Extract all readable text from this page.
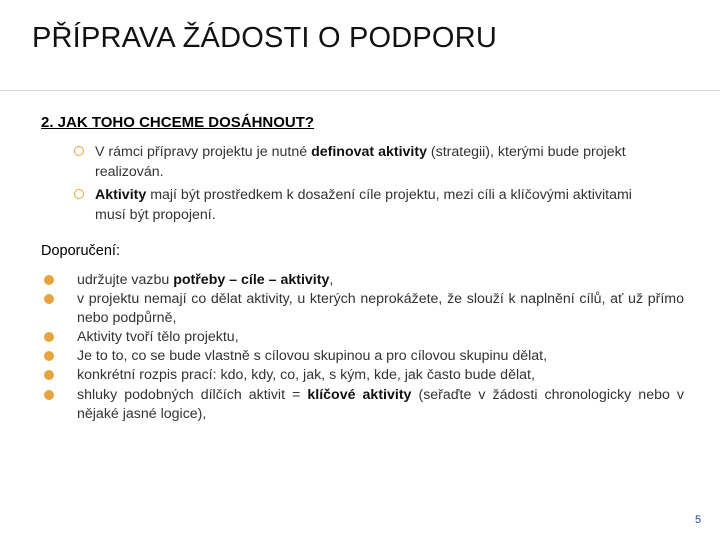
PŘÍPRAVA ŽÁDOSTI O PODPORU
2. JAK TOHO CHCEME DOSÁHNOUT?
V rámci přípravy projektu je nutné definovat aktivity (strategii), kterými bude projekt realizován.
Aktivity mají být prostředkem k dosažení cíle projektu, mezi cíli a klíčovými aktivitami musí být propojení.
Doporučení:
udržujte vazbu potřeby – cíle – aktivity,
v projektu nemají co dělat aktivity, u kterých neprokážete, že slouží k naplnění cílů, ať už přímo nebo podpůrně,
Aktivity tvoří tělo projektu,
Je to to, co se bude vlastně s cílovou skupinou a pro cílovou skupinu dělat,
konkrétní rozpis prací: kdo, kdy, co, jak, s kým, kde, jak často bude dělat,
shluky podobných dílčích aktivit = klíčové aktivity (seřaďte v žádosti chronologicky nebo v nějaké jasné logice),
5
